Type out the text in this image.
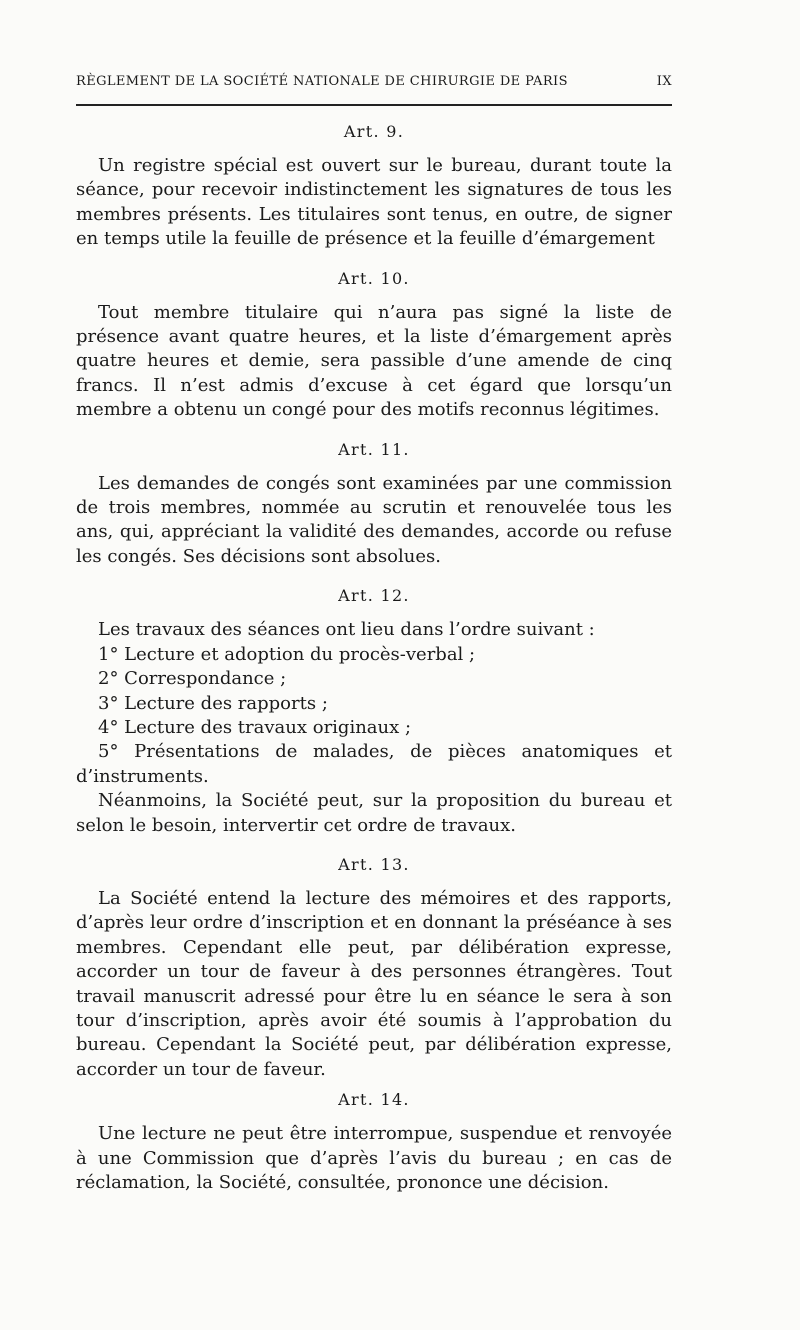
RÈGLEMENT DE LA SOCIÉTÉ NATIONALE DE CHIRURGIE DE PARIS	IX
Art. 9.

Un registre spécial est ouvert sur le bureau, durant toute la séance, pour recevoir indistinctement les signatures de tous les membres présents. Les titulaires sont tenus, en outre, de signer en temps utile la feuille de présence et la feuille d’émargement

Art. 10.

Tout membre titulaire qui n’aura pas signé la liste de présence avant quatre heures, et la liste d’émargement après quatre heures et demie, sera passible d’une amende de cinq francs. Il n’est admis d’excuse à cet égard que lorsqu’un membre a obtenu un congé pour des motifs reconnus légitimes.

Art. 11.

Les demandes de congés sont examinées par une commission de trois membres, nommée au scrutin et renouvelée tous les ans, qui, appréciant la validité des demandes, accorde ou refuse les congés. Ses décisions sont absolues.

Art. 12.

Les travaux des séances ont lieu dans l’ordre suivant :

1° Lecture et adoption du procès-verbal ;

2° Correspondance ;

3° Lecture des rapports ;

4° Lecture des travaux originaux ;

5° Présentations de malades, de pièces anatomiques et d’instruments.

Néanmoins, la Société peut, sur la proposition du bureau et selon le besoin, intervertir cet ordre de travaux.

Art. 13.

La Société entend la lecture des mémoires et des rapports, d’après leur ordre d’inscription et en donnant la préséance à ses membres. Cependant elle peut, par délibération expresse, accorder un tour de faveur à des personnes étrangères. Tout travail manuscrit adressé pour être lu en séance le sera à son tour d’inscription, après avoir été soumis à l’approbation du bureau. Cependant la Société peut, par délibération expresse, accorder un tour de faveur.

Art. 14.

Une lecture ne peut être interrompue, suspendue et renvoyée à une Commission que d’après l’avis du bureau ; en cas de réclamation, la Société, consultée, prononce une décision.
